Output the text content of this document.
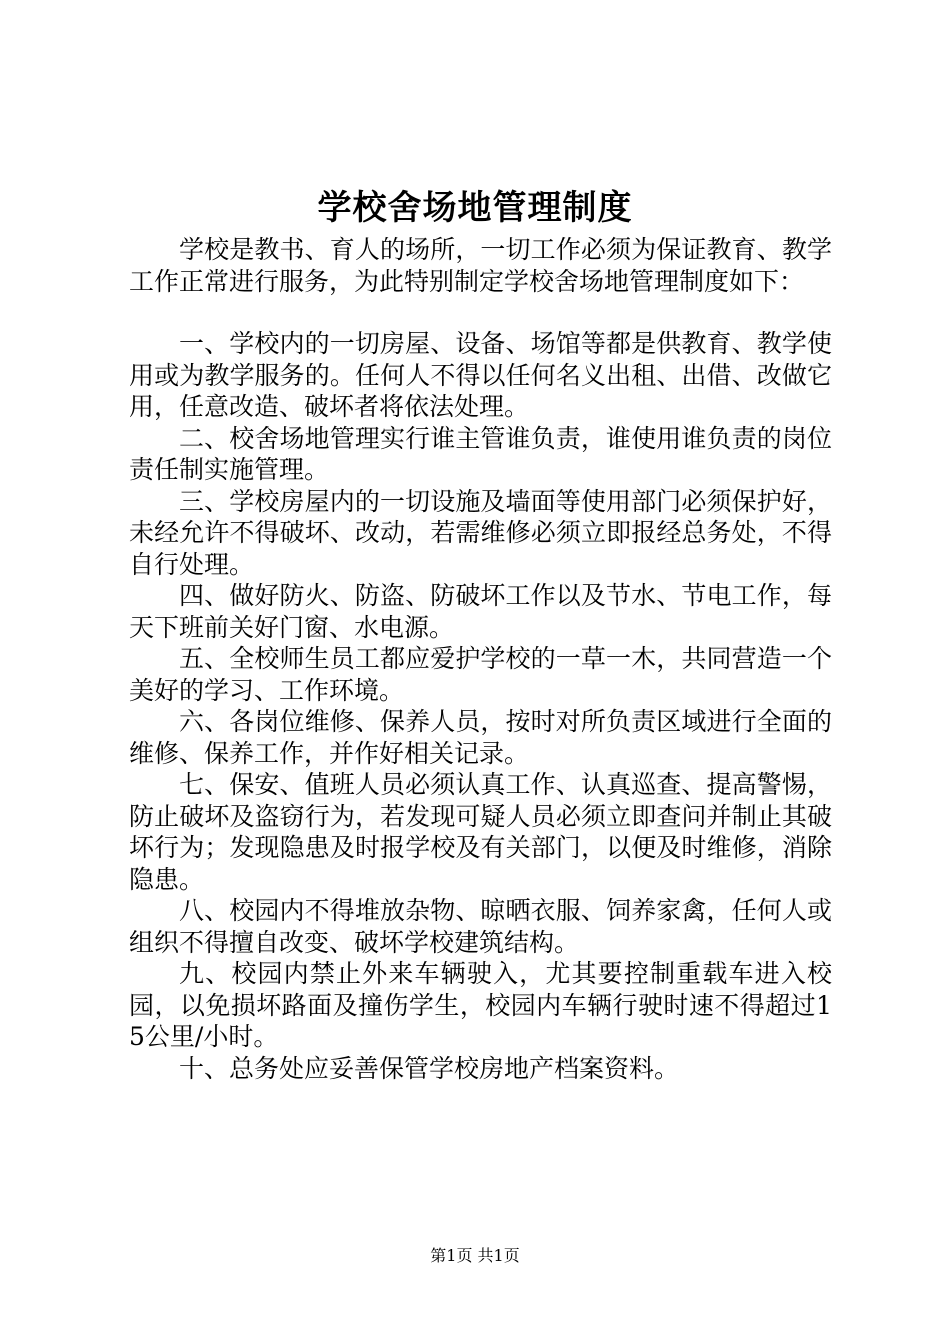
学校舍场地管理制度

学校是教书、育人的场所，一切工作必须为保证教育、教学工作正常进行服务，为此特别制定学校舍场地管理制度如下：

一、学校内的一切房屋、设备、场馆等都是供教育、教学使用或为教学服务的。任何人不得以任何名义出租、出借、改做它用，任意改造、破坏者将依法处理。

二、校舍场地管理实行谁主管谁负责，谁使用谁负责的岗位责任制实施管理。

三、学校房屋内的一切设施及墙面等使用部门必须保护好，未经允许不得破坏、改动，若需维修必须立即报经总务处，不得自行处理。

四、做好防火、防盗、防破坏工作以及节水、节电工作，每天下班前关好门窗、水电源。

五、全校师生员工都应爱护学校的一草一木，共同营造一个美好的学习、工作环境。

六、各岗位维修、保养人员，按时对所负责区域进行全面的维修、保养工作，并作好相关记录。

七、保安、值班人员必须认真工作、认真巡查、提高警惕，防止破坏及盗窃行为，若发现可疑人员必须立即查问并制止其破坏行为；发现隐患及时报学校及有关部门，以便及时维修，消除隐患。

八、校园内不得堆放杂物、晾晒衣服、饲养家禽，任何人或组织不得擅自改变、破坏学校建筑结构。

九、校园内禁止外来车辆驶入，尤其要控制重载车进入校园，以免损坏路面及撞伤学生，校园内车辆行驶时速不得超过15公里/小时。

十、总务处应妥善保管学校房地产档案资料。

第1页 共1页
